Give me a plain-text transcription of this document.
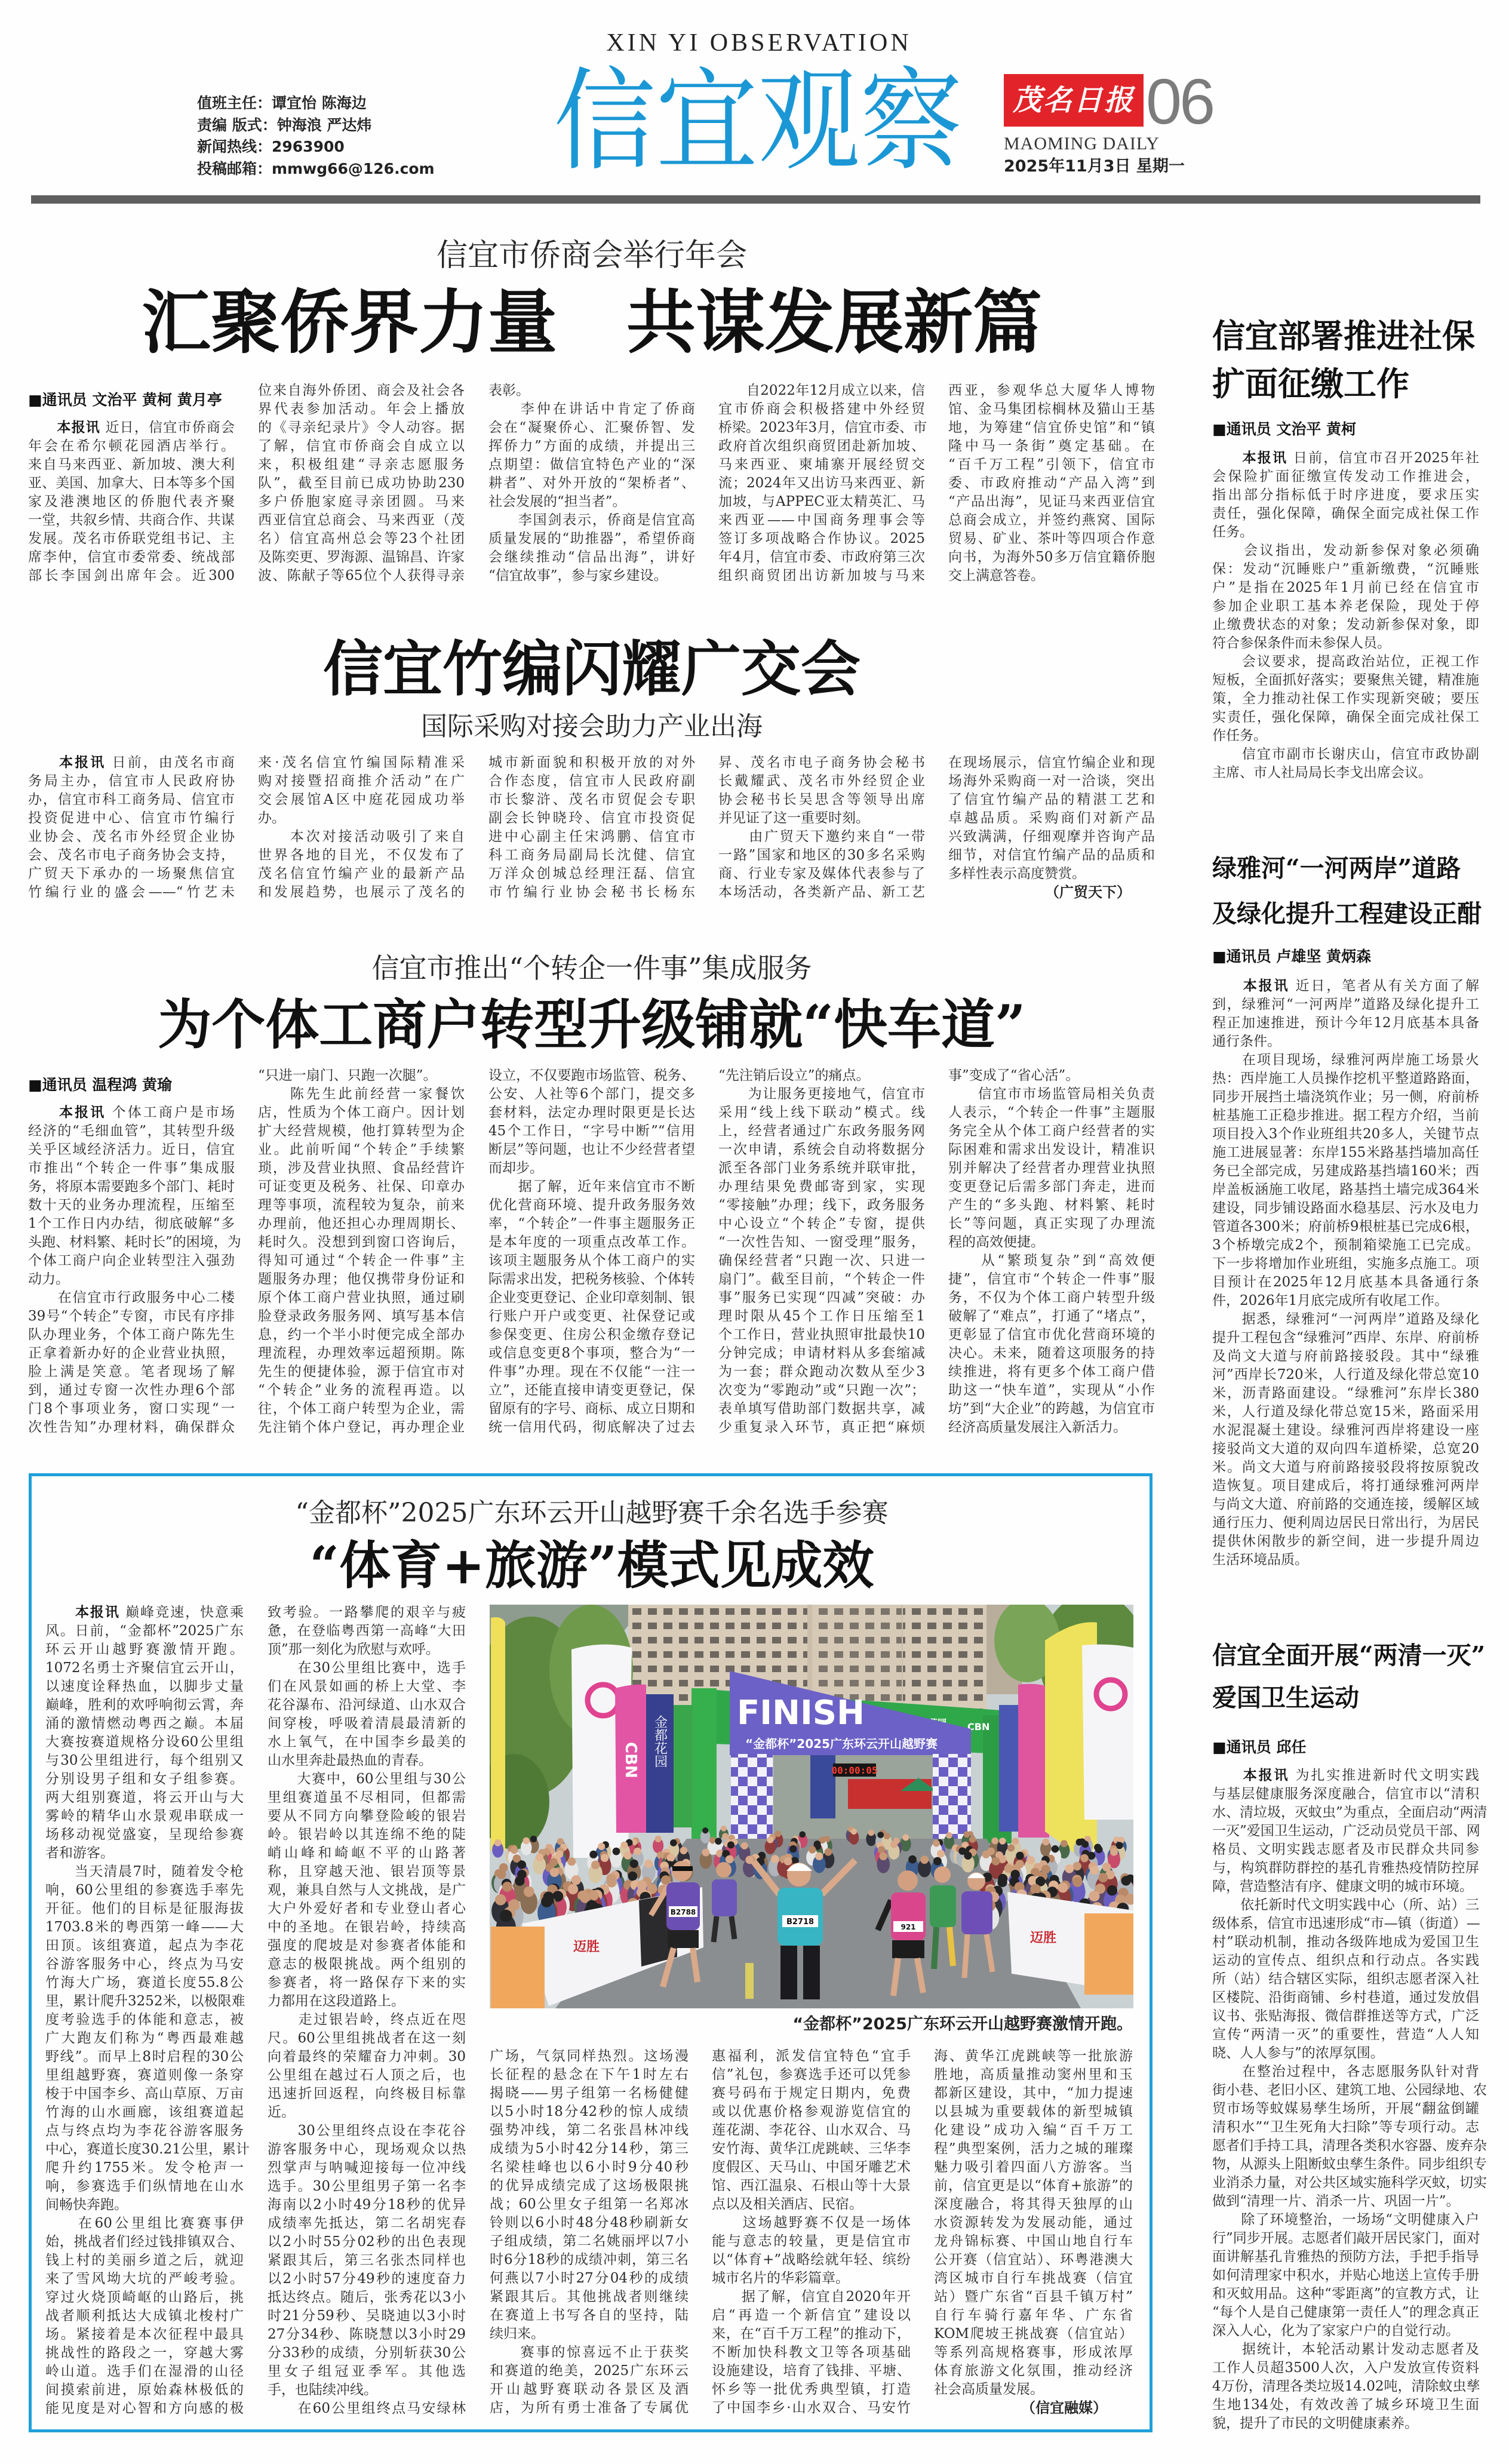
XIN YI OBSERVATION
值班主任：谭宜怡 陈海边
责编 版式：钟海浪 严达炜
新闻热线：2963900
投稿邮箱：mmwg66@126.com 信宜观察	茂名日报 06
MAOMING DAILY
2025年11月3日 星期一
信宜市侨商会举行年会
汇聚侨界力量　共谋发展新篇
■通讯员 文治平 黄柯 黄月亭
　　本报讯 近日，信宜市侨商会
年会在希尔顿花园酒店举行。
来自马来西亚、新加坡、澳大利
亚、美国、加拿大、日本等多个国
家及港澳地区的侨胞代表齐聚
一堂，共叙乡情、共商合作、共谋
发展。茂名市侨联党组书记、主
席李仲，信宜市委常委、统战部
部长李国剑出席年会。近300
位来自海外侨团、商会及社会各
界代表参加活动。年会上播放
的《寻亲纪录片》令人动容。据
了解，信宜市侨商会自成立以
来，积极组建“寻亲志愿服务
队”，截至目前已成功协助230
多户侨胞家庭寻亲团圆。马来
西亚信宜总商会、马来西亚（茂
名）信宜高州总会等23个社团
及陈奕更、罗海源、温锦昌、许家
波、陈献子等65位个人获得寻亲
表彰。
　　李仲在讲话中肯定了侨商
会在“凝聚侨心、汇聚侨智、发
挥侨力”方面的成绩，并提出三
点期望：做信宜特色产业的“深
耕者”、对外开放的“架桥者”、
社会发展的“担当者”。
　　李国剑表示，侨商是信宜高
质量发展的“助推器”，希望侨商
会继续推动“信品出海”，讲好
“信宜故事”，参与家乡建设。
　　自2022年12月成立以来，信
宜市侨商会积极搭建中外经贸
桥梁。2023年3月，信宜市委、市
政府首次组织商贸团赴新加坡、
马来西亚、柬埔寨开展经贸交
流；2024年又出访马来西亚、新
加坡，与APPEC亚太精英汇、马
来西亚——中国商务理事会等
签订多项战略合作协议。2025
年4月，信宜市委、市政府第三次
组织商贸团出访新加坡与马来
西亚，参观华总大厦华人博物
馆、金马集团棕榈林及猫山王基
地，为筹建“信宜侨史馆”和“镇
隆中马一条街”奠定基础。在
“百千万工程”引领下，信宜市
委、市政府推动“产品入湾”到
“产品出海”，见证马来西亚信宜
总商会成立，并签约燕窝、国际
贸易、矿业、茶叶等四项合作意
向书，为海外50多万信宜籍侨胞
交上满意答卷。
信宜竹编闪耀广交会
国际采购对接会助力产业出海
　　本报讯 日前，由茂名市商
务局主办，信宜市人民政府协
办，信宜市科工商务局、信宜市
投资促进中心、信宜市竹编行
业协会、茂名市外经贸企业协
会、茂名市电子商务协会支持，
广贸天下承办的一场聚焦信宜
竹编行业的盛会——“竹艺未
来·茂名信宜竹编国际精准采
购对接暨招商推介活动”在广
交会展馆A区中庭花园成功举
办。
　　本次对接活动吸引了来自
世界各地的目光，不仅发布了
茂名信宜竹编产业的最新产品
和发展趋势，也展示了茂名的
城市新面貌和积极开放的对外
合作态度，信宜市人民政府副
市长黎浒、茂名市贸促会专职
副会长钟晓玲、信宜市投资促
进中心副主任宋鸿鹏、信宜市
科工商务局副局长沈健、信宜
万洋众创城总经理汪磊、信宜
市竹编行业协会秘书长杨东
昇、茂名市电子商务协会秘书
长戴耀武、茂名市外经贸企业
协会秘书长吴思含等领导出席
并见证了这一重要时刻。
　　由广贸天下邀约来自“一带
一路”国家和地区的30多名采购
商、行业专家及媒体代表参与了
本场活动，各类新产品、新工艺
在现场展示，信宜竹编企业和现
场海外采购商一对一洽谈，突出
了信宜竹编产品的精湛工艺和
卓越品质。采购商们对新产品
兴致满满，仔细观摩并咨询产品
细节，对信宜竹编产品的品质和
多样性表示高度赞赏。
（广贸天下）
信宜市推出“个转企一件事”集成服务
为个体工商户转型升级铺就“快车道”
■通讯员 温程鸿 黄瑜
　　本报讯 个体工商户是市场
经济的“毛细血管”，其转型升级
关乎区域经济活力。近日，信宜
市推出“个转企一件事”集成服
务，将原本需要跑多个部门、耗时
数十天的业务办理流程，压缩至
1个工作日内办结，彻底破解“多
头跑、材料繁、耗时长”的困境，为
个体工商户向企业转型注入强劲
动力。
　　在信宜市行政服务中心二楼
39号“个转企”专窗，市民有序排
队办理业务，个体工商户陈先生
正拿着新办好的企业营业执照，
脸上满是笑意。笔者现场了解
到，通过专窗一次性办理6个部
门8个事项业务，窗口实现“一
次性告知”办理材料，确保群众
“只进一扇门、只跑一次腿”。
　　陈先生此前经营一家餐饮
店，性质为个体工商户。因计划
扩大经营规模，他打算转型为企
业。此前听闻“个转企”手续繁
琐，涉及营业执照、食品经营许
可证变更及税务、社保、印章办
理等事项，流程较为复杂，前来
办理前，他还担心办理周期长、
耗时久。没想到到窗口咨询后，
得知可通过“个转企一件事”主
题服务办理；他仅携带身份证和
原个体工商户营业执照，通过刷
脸登录政务服务网、填写基本信
息，约一个半小时便完成全部办
理流程，办理效率远超预期。陈
先生的便捷体验，源于信宜市对
“个转企”业务的流程再造。以
往，个体工商户转型为企业，需
先注销个体户登记，再办理企业
设立，不仅要跑市场监管、税务、
公安、人社等6个部门，提交多
套材料，法定办理时限更是长达
45个工作日，“字号中断”“信用
断层”等问题，也让不少经营者望
而却步。
　　据了解，近年来信宜市不断
优化营商环境、提升政务服务效
率，“个转企”一件事主题服务正
是本年度的一项重点改革工作。
该项主题服务从个体工商户的实
际需求出发，把税务核验、个体转
企业变更登记、企业印章刻制、银
行账户开户或变更、社保登记或
参保变更、住房公积金缴存登记
或信息变更8个事项，整合为“一
件事”办理。现在不仅能“一注一
立”，还能直接申请变更登记，保
留原有的字号、商标、成立日期和
统一信用代码，彻底解决了过去
“先注销后设立”的痛点。
　　为让服务更接地气，信宜市
采用“线上线下联动”模式。线
上，经营者通过广东政务服务网
一次申请，系统会自动将数据分
派至各部门业务系统并联审批，
办理结果免费邮寄到家，实现
“零接触”办理；线下，政务服务
中心设立“个转企”专窗，提供
“一次性告知、一窗受理”服务，
确保经营者“只跑一次、只进一
扇门”。截至目前，“个转企一件
事”服务已实现“四减”突破：办
理时限从45个工作日压缩至1
个工作日，营业执照审批最快10
分钟完成；申请材料从多套缩减
为一套；群众跑动次数从至少3
次变为“零跑动”或“只跑一次”；
表单填写借助部门数据共享，减
少重复录入环节，真正把“麻烦
事”变成了“省心活”。
　　信宜市市场监管局相关负责
人表示，“个转企一件事”主题服
务完全从个体工商户经营者的实
际困难和需求出发设计，精准识
别并解决了经营者办理营业执照
变更登记后需多部门奔走，进而
产生的“多头跑、材料繁、耗时
长”等问题，真正实现了办理流
程的高效便捷。
　　从“繁琐复杂”到“高效便
捷”，信宜市“个转企一件事”服
务，不仅为个体工商户转型升级
破解了“难点”，打通了“堵点”，
更彰显了信宜市优化营商环境的
决心。未来，随着这项服务的持
续推进，将有更多个体工商户借
助这一“快车道”，实现从“小作
坊”到“大企业”的跨越，为信宜市
经济高质量发展注入新活力。
“金都杯”2025广东环云开山越野赛千余名选手参赛
“体育+旅游”模式见成效
　　本报讯 巅峰竞速，快意乘
风。日前，“金都杯”2025广东
环云开山越野赛激情开跑。
1072名勇士齐聚信宜云开山，
以速度诠释热血，以脚步丈量
巅峰，胜利的欢呼响彻云霄，奔
涌的激情燃动粤西之巅。本届
大赛按赛道规格分设60公里组
与30公里组进行，每个组别又
分别设男子组和女子组参赛。
两大组别赛道，将云开山与大
雾岭的精华山水景观串联成一
场移动视觉盛宴，呈现给参赛
者和游客。
　　当天清晨7时，随着发令枪
响，60公里组的参赛选手率先
开征。他们的目标是征服海拔
1703.8米的粤西第一峰——大
田顶。该组赛道，起点为李花
谷游客服务中心，终点为马安
竹海大广场，赛道长度55.8公
里，累计爬升3252米，以极限难
度考验选手的体能和意志，被
广大跑友们称为“粤西最难越
野线”。而早上8时启程的30公
里组越野赛，赛道则像一条穿
梭于中国李乡、高山草原、万亩
竹海的山水画廊，该组赛道起
点与终点均为李花谷游客服务
中心，赛道长度30.21公里，累计
爬升约1755米。发令枪声一
响，参赛选手们纵情地在山水
间畅快奔跑。
　　在60公里组比赛赛事伊
始，挑战者们经过钱排镇双合、
钱上村的美丽乡道之后，就迎
来了雪风坳大坑的严峻考验。
穿过火烧顶崎岖的山路后，挑
战者顺利抵达大成镇北梭村广
场。紧接着是本次征程中最具
挑战性的路段之一，穿越大雾
岭山道。选手们在湿滑的山径
间摸索前进，原始森林极低的
能见度是对心智和方向感的极
致考验。一路攀爬的艰辛与疲
惫，在登临粤西第一高峰“大田
顶”那一刻化为欣慰与欢呼。
　　在30公里组比赛中，选手
们在风景如画的桥上大堂、李
花谷瀑布、沿河绿道、山水双合
间穿梭，呼吸着清晨最清新的
水上氧气，在中国李乡最美的
山水里奔赴最热血的青春。
　　大赛中，60公里组与30公
里组赛道虽不尽相同，但都需
要从不同方向攀登险峻的银岩
岭。银岩岭以其连绵不绝的陡
峭山峰和崎岖不平的山路著
称，且穿越天池、银岩顶等景
观，兼具自然与人文挑战，是广
大户外爱好者和专业登山者心
中的圣地。在银岩岭，持续高
强度的爬坡是对参赛者体能和
意志的极限挑战。两个组别的
参赛者，将一路保存下来的实
力都用在这段道路上。
　　走过银岩岭，终点近在咫
尺。60公里组挑战者在这一刻
向着最终的荣耀奋力冲刺。30
公里组在越过石人顶之后，也
迅速折回返程，向终极目标靠
近。
　　30公里组终点设在李花谷
游客服务中心，现场观众以热
烈掌声与呐喊迎接每一位冲线
选手。30公里组男子第一名李
海南以2小时49分18秒的优异
成绩率先抵达，第二名胡宪春
以2小时55分02秒的出色表现
紧跟其后，第三名张杰同样也
以2小时57分49秒的速度奋力
抵达终点。随后，张秀花以3小
时21分59秒、吴晓迪以3小时
27分34秒、陈晓慧以3小时29
分33秒的成绩，分别斩获30公
里女子组冠亚季军。其他选
手，也陆续冲线。
　　在60公里组终点马安绿林
广场，气氛同样热烈。这场漫
长征程的悬念在下午1时左右
揭晓——男子组第一名杨健健
以5小时18分42秒的惊人成绩
强势冲线，第二名张昌林冲线
成绩为5小时42分14秒，第三
名梁桂峰也以6小时9分40秒
的优异成绩完成了这场极限挑
战；60公里女子组第一名郑冰
铃则以6小时48分48秒刷新女
子组成绩，第二名姚丽坪以7小
时6分18秒的成绩冲刺，第三名
何燕以7小时27分04秒的成绩
紧跟其后。其他挑战者则继续
在赛道上书写各自的坚持，陆
续归来。
　　赛事的惊喜远不止于获奖
和赛道的绝美，2025广东环云
开山越野赛联动各景区及酒
店，为所有勇士准备了专属优
惠福利，派发信宜特色“宜手
信”礼包，参赛选手还可以凭参
赛号码布于规定日期内，免费
或以优惠价格参观游览信宜的
莲花湖、李花谷、山水双合、马
安竹海、黄华江虎跳峡、三华李
度假区、天马山、中国牙雕艺术
馆、西江温泉、石根山等十大景
点以及相关酒店、民宿。
　　这场越野赛不仅是一场体
能与意志的较量，更是信宜市
以“体育+”战略绘就年轻、缤纷
城市名片的华彩篇章。
　　据了解，信宜自2020年开
启“再造一个新信宜”建设以
来，在“百千万工程”的推动下，
不断加快科教文卫等各项基础
设施建设，培育了钱排、平塘、
怀乡等一批优秀典型镇，打造
了中国李乡·山水双合、马安竹
海、黄华江虎跳峡等一批旅游
胜地，高质量推动窦州里和玉
都新区建设，其中，“加力提速
以县城为重要载体的新型城镇
化建设”成功入编“百千万工
程”典型案例，活力之城的璀璨
魅力吸引着四面八方游客。当
前，信宜更是以“体育+旅游”的
深度融合，将其得天独厚的山
水资源转发为发展动能，通过
龙舟锦标赛、中国山地自行车
公开赛（信宜站）、环粤港澳大
湾区城市自行车挑战赛（信宜
站）暨广东省“百县千镇万村”
自行车骑行嘉年华、广东省
KOM爬坡王挑战赛（信宜站）
等系列高规格赛事，形成浓厚
体育旅游文化氛围，推动经济
社会高质量发展。
（信宜融媒）
CBN
FINISH
“金都杯”2025广东环云开山越野赛
00:00:05
CBN 金都花园
迈胜
迈胜
B2788
B2718
921
“金都杯”2025广东环云开山越野赛激情开跑。
信宜部署推进社保
扩面征缴工作
■通讯员 文治平 黄柯
　　本报讯 日前，信宜市召开2025年社
会保险扩面征缴宣传发动工作推进会，
指出部分指标低于时序进度，要求压实
责任，强化保障，确保全面完成社保工作
任务。
　　会议指出，发动新参保对象必须确
保：发动“沉睡账户”重新缴费，“沉睡账
户”是指在2025年1月前已经在信宜市
参加企业职工基本养老保险，现处于停
止缴费状态的对象；发动新参保对象，即
符合参保条件而未参保人员。
　　会议要求，提高政治站位，正视工作
短板，全面抓好落实；要聚焦关键，精准施
策，全力推动社保工作实现新突破；要压
实责任，强化保障，确保全面完成社保工
作任务。
　　信宜市副市长谢庆山，信宜市政协副
主席、市人社局局长李戈出席会议。
绿雅河“一河两岸”道路
及绿化提升工程建设正酣
■通讯员 卢雄坚 黄炳森
　　本报讯 近日，笔者从有关方面了解
到，绿雅河“一河两岸”道路及绿化提升工
程正加速推进，预计今年12月底基本具备
通行条件。
　　在项目现场，绿雅河两岸施工场景火
热：西岸施工人员操作挖机平整道路路面，
同步开展挡土墙浇筑作业；另一侧，府前桥
桩基施工正稳步推进。据工程方介绍，当前
项目投入3个作业班组共20多人，关键节点
施工进展显著：东岸155米路基挡墙加高任
务已全部完成，另建成路基挡墙160米；西
岸盖板涵施工收尾，路基挡土墙完成364米
建设，同步铺设路面水稳基层、污水及电力
管道各300米；府前桥9根桩基已完成6根，
3个桥墩完成2个，预制箱梁施工已完成。
下一步将增加作业班组，实施多点施工。项
目预计在2025年12月底基本具备通行条
件，2026年1月底完成所有收尾工作。
　　据悉，绿雅河“一河两岸”道路及绿化
提升工程包含“绿雅河”西岸、东岸、府前桥
及尚文大道与府前路接驳段。其中“绿雅
河”西岸长720米，人行道及绿化带总宽10
米，沥青路面建设。“绿雅河”东岸长380
米，人行道及绿化带总宽15米，路面采用
水泥混凝土建设。绿雅河西岸将建设一座
接驳尚文大道的双向四车道桥梁，总宽20
米。尚文大道与府前路接驳段将按原貌改
造恢复。项目建成后，将打通绿雅河两岸
与尚文大道、府前路的交通连接，缓解区域
通行压力、便利周边居民日常出行，为居民
提供休闲散步的新空间，进一步提升周边
生活环境品质。
信宜全面开展“两清一灭”
爱国卫生运动
■通讯员 邱任
　　本报讯 为扎实推进新时代文明实践
与基层健康服务深度融合，信宜市以“清积
水、清垃圾，灭蚊虫”为重点，全面启动“两清
一灭”爱国卫生运动，广泛动员党员干部、网
格员、文明实践志愿者及市民群众共同参
与，构筑群防群控的基孔肯雅热疫情防控屏
障，营造整洁有序、健康文明的城市环境。
　　依托新时代文明实践中心（所、站）三
级体系，信宜市迅速形成“市—镇（街道）—
村”联动机制，推动各级阵地成为爱国卫生
运动的宣传点、组织点和行动点。各实践
所（站）结合辖区实际，组织志愿者深入社
区楼院、沿街商铺、乡村巷道，通过发放倡
议书、张贴海报、微信群推送等方式，广泛
宣传“两清一灭”的重要性，营造“人人知
晓、人人参与”的浓厚氛围。
　　在整治过程中，各志愿服务队针对背
街小巷、老旧小区、建筑工地、公园绿地、农
贸市场等蚊媒易孳生场所，开展“翻盆倒罐
清积水”“卫生死角大扫除”等专项行动。志
愿者们手持工具，清理各类积水容器、废弃杂
物，从源头上阻断蚊虫孳生条件。同步组织专
业消杀力量，对公共区域实施科学灭蚊，切实
做到“清理一片、消杀一片、巩固一片”。
　　除了环境整治，一场场“文明健康入户
行”同步开展。志愿者们敲开居民家门，面对
面讲解基孔肯雅热的预防方法，手把手指导
如何清理家中积水，并贴心地送上宣传手册
和灭蚊用品。这种“零距离”的宣教方式，让
“每个人是自己健康第一责任人”的理念真正
深入人心，化为了家家户户的自觉行动。
　　据统计，本轮活动累计发动志愿者及
工作人员超3500人次，入户发放宣传资料
4万份，清理各类垃圾14.02吨，清除蚊虫孳
生地134处，有效改善了城乡环境卫生面
貌，提升了市民的文明健康素养。
